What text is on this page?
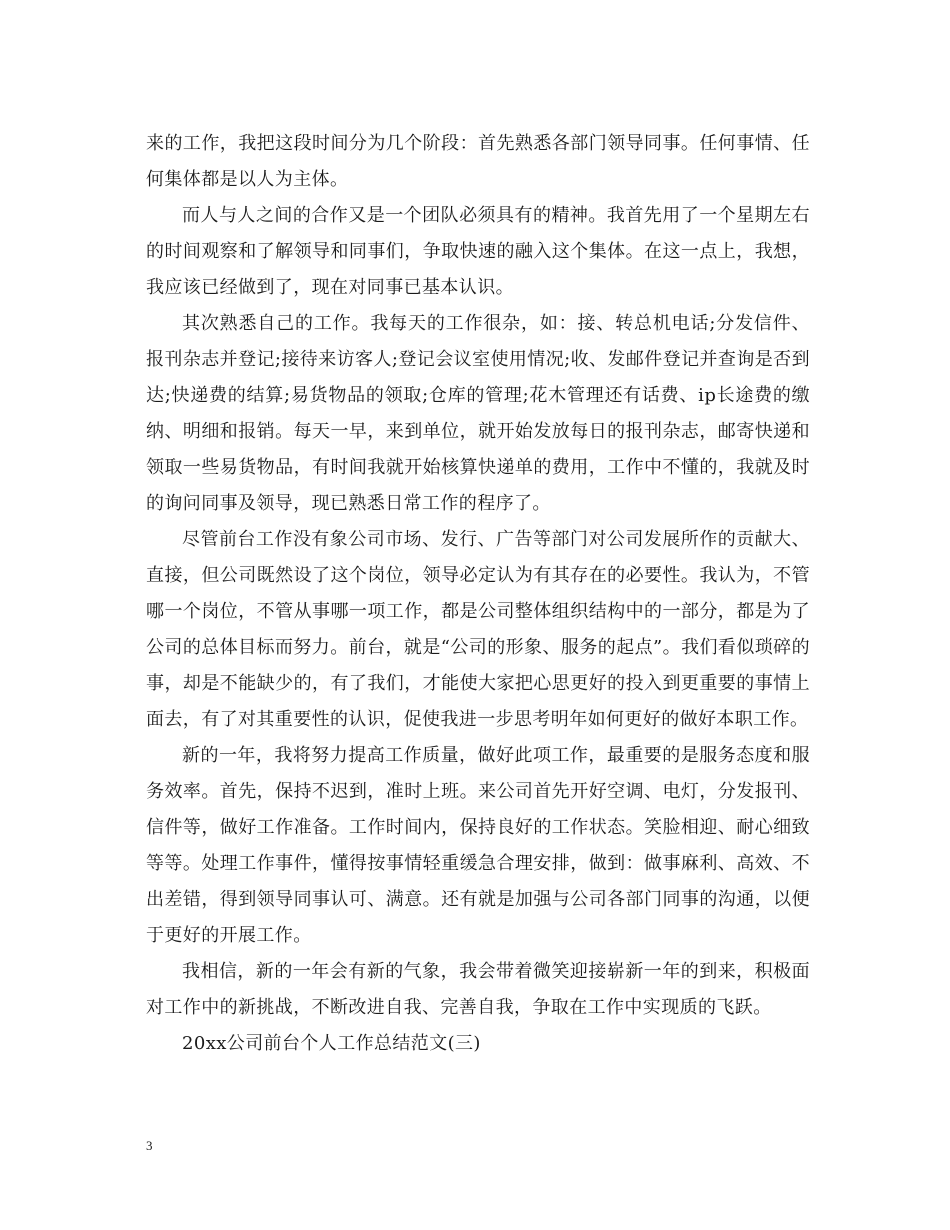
来的工作，我把这段时间分为几个阶段：首先熟悉各部门领导同事。任何事情、任何集体都是以人为主体。

而人与人之间的合作又是一个团队必须具有的精神。我首先用了一个星期左右的时间观察和了解领导和同事们，争取快速的融入这个集体。在这一点上，我想，我应该已经做到了，现在对同事已基本认识。

其次熟悉自己的工作。我每天的工作很杂，如：接、转总机电话;分发信件、报刊杂志并登记;接待来访客人;登记会议室使用情况;收、发邮件登记并查询是否到达;快递费的结算;易货物品的领取;仓库的管理;花木管理还有话费、ip长途费的缴纳、明细和报销。每天一早，来到单位，就开始发放每日的报刊杂志，邮寄快递和领取一些易货物品，有时间我就开始核算快递单的费用，工作中不懂的，我就及时的询问同事及领导，现已熟悉日常工作的程序了。

尽管前台工作没有象公司市场、发行、广告等部门对公司发展所作的贡献大、直接，但公司既然设了这个岗位，领导必定认为有其存在的必要性。我认为，不管哪一个岗位，不管从事哪一项工作，都是公司整体组织结构中的一部分，都是为了公司的总体目标而努力。前台，就是“公司的形象、服务的起点”。我们看似琐碎的事，却是不能缺少的，有了我们，才能使大家把心思更好的投入到更重要的事情上面去，有了对其重要性的认识，促使我进一步思考明年如何更好的做好本职工作。

新的一年，我将努力提高工作质量，做好此项工作，最重要的是服务态度和服务效率。首先，保持不迟到，准时上班。来公司首先开好空调、电灯，分发报刊、信件等，做好工作准备。工作时间内，保持良好的工作状态。笑脸相迎、耐心细致等等。处理工作事件，懂得按事情轻重缓急合理安排，做到：做事麻利、高效、不出差错，得到领导同事认可、满意。还有就是加强与公司各部门同事的沟通，以便于更好的开展工作。

我相信，新的一年会有新的气象，我会带着微笑迎接崭新一年的到来，积极面对工作中的新挑战，不断改进自我、完善自我，争取在工作中实现质的飞跃。

20xx公司前台个人工作总结范文(三)

3
